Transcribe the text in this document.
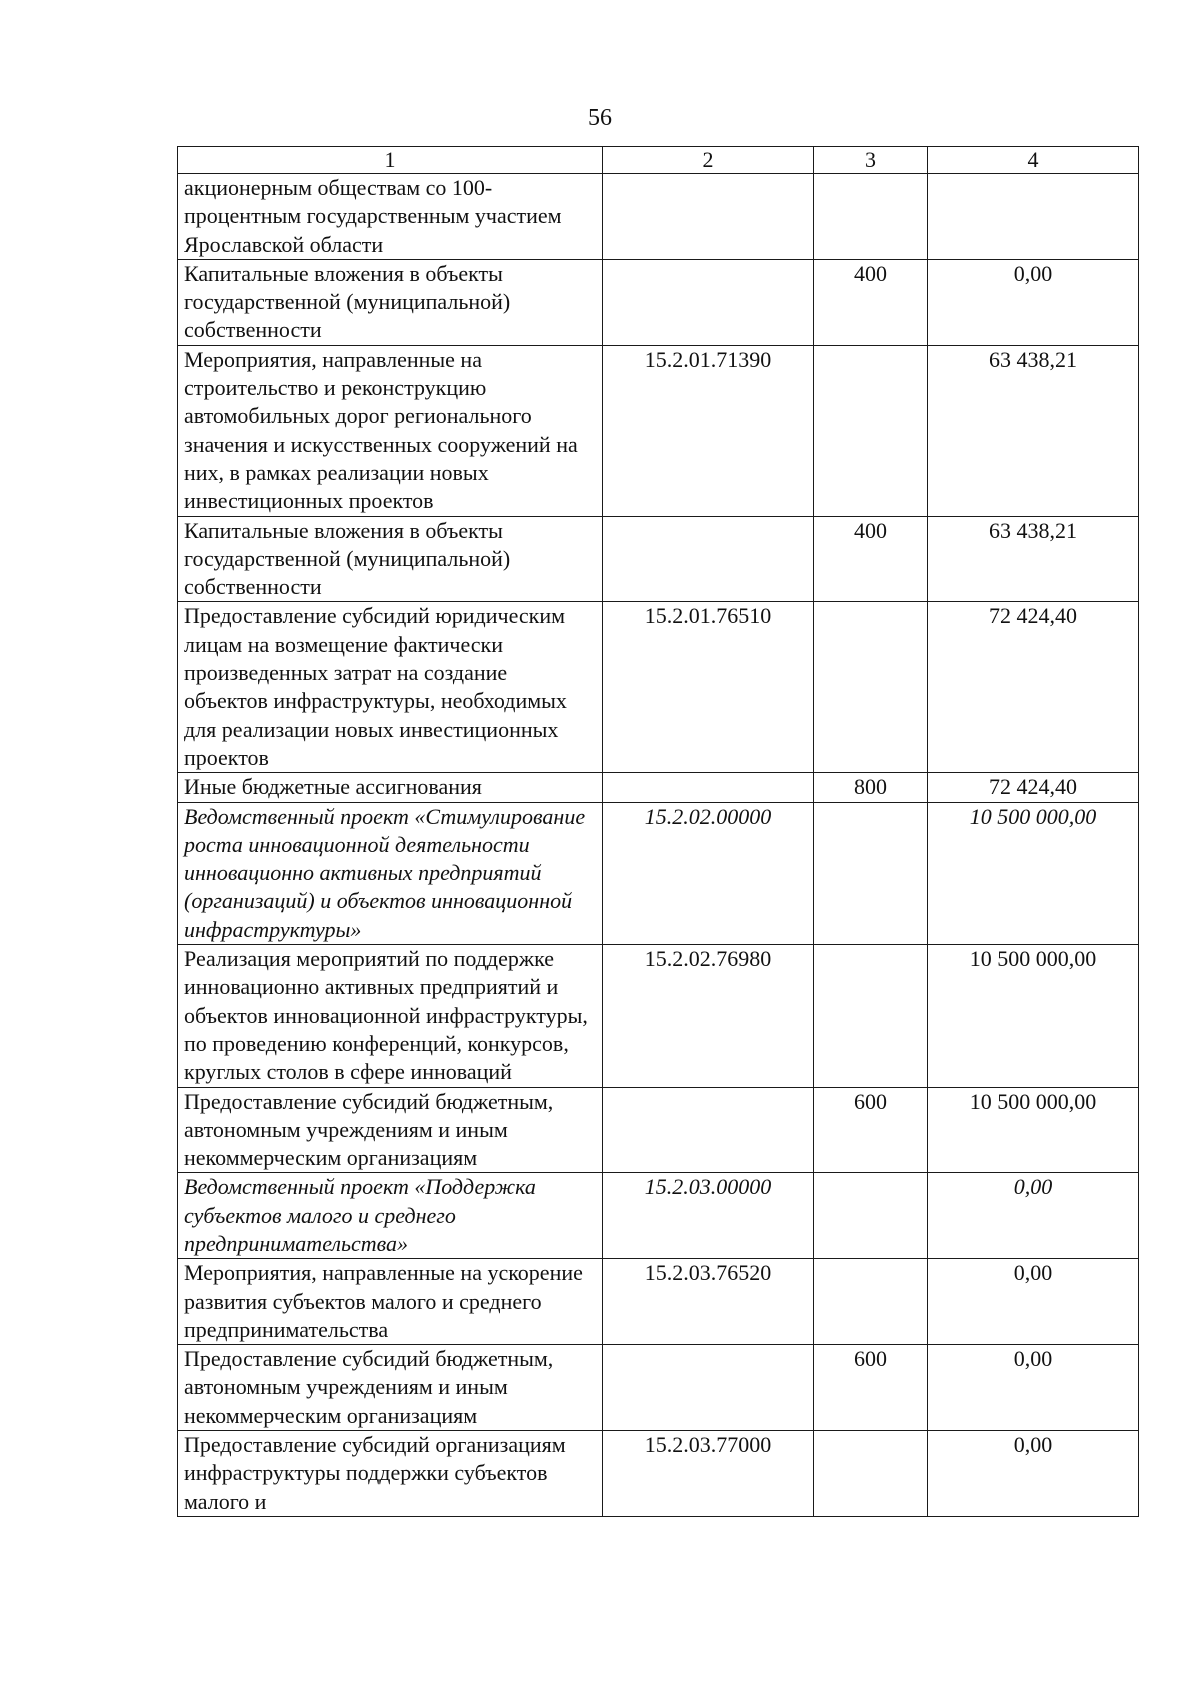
56
1	2	3	4
акционерным обществам со 100-процентным государственным участием Ярославской области			
Капитальные вложения в объекты государственной (муниципальной) собственности		400	0,00
Мероприятия, направленные на строительство и реконструкцию автомобильных дорог регионального значения и искусственных сооружений на них, в рамках реализации новых инвестиционных проектов	15.2.01.71390		63 438,21
Капитальные вложения в объекты государственной (муниципальной) собственности		400	63 438,21
Предоставление субсидий юридическим лицам на возмещение фактически произведенных затрат на создание объектов инфраструктуры, необходимых для реализации новых инвестиционных проектов	15.2.01.76510		72 424,40
Иные бюджетные ассигнования		800	72 424,40
Ведомственный проект «Стимулирование роста инновационной деятельности инновационно активных предприятий (организаций) и объектов инновационной инфраструктуры»	15.2.02.00000		10 500 000,00
Реализация мероприятий по поддержке инновационно активных предприятий и объектов инновационной инфраструктуры, по проведению конференций, конкурсов, круглых столов в сфере инноваций	15.2.02.76980		10 500 000,00
Предоставление субсидий бюджетным, автономным учреждениям и иным некоммерческим организациям		600	10 500 000,00
Ведомственный проект «Поддержка субъектов малого и среднего предпринимательства»	15.2.03.00000		0,00
Мероприятия, направленные на ускорение развития субъектов малого и среднего предпринимательства	15.2.03.76520		0,00
Предоставление субсидий бюджетным, автономным учреждениям и иным некоммерческим организациям		600	0,00
Предоставление субсидий организациям инфраструктуры поддержки субъектов малого и	15.2.03.77000		0,00
